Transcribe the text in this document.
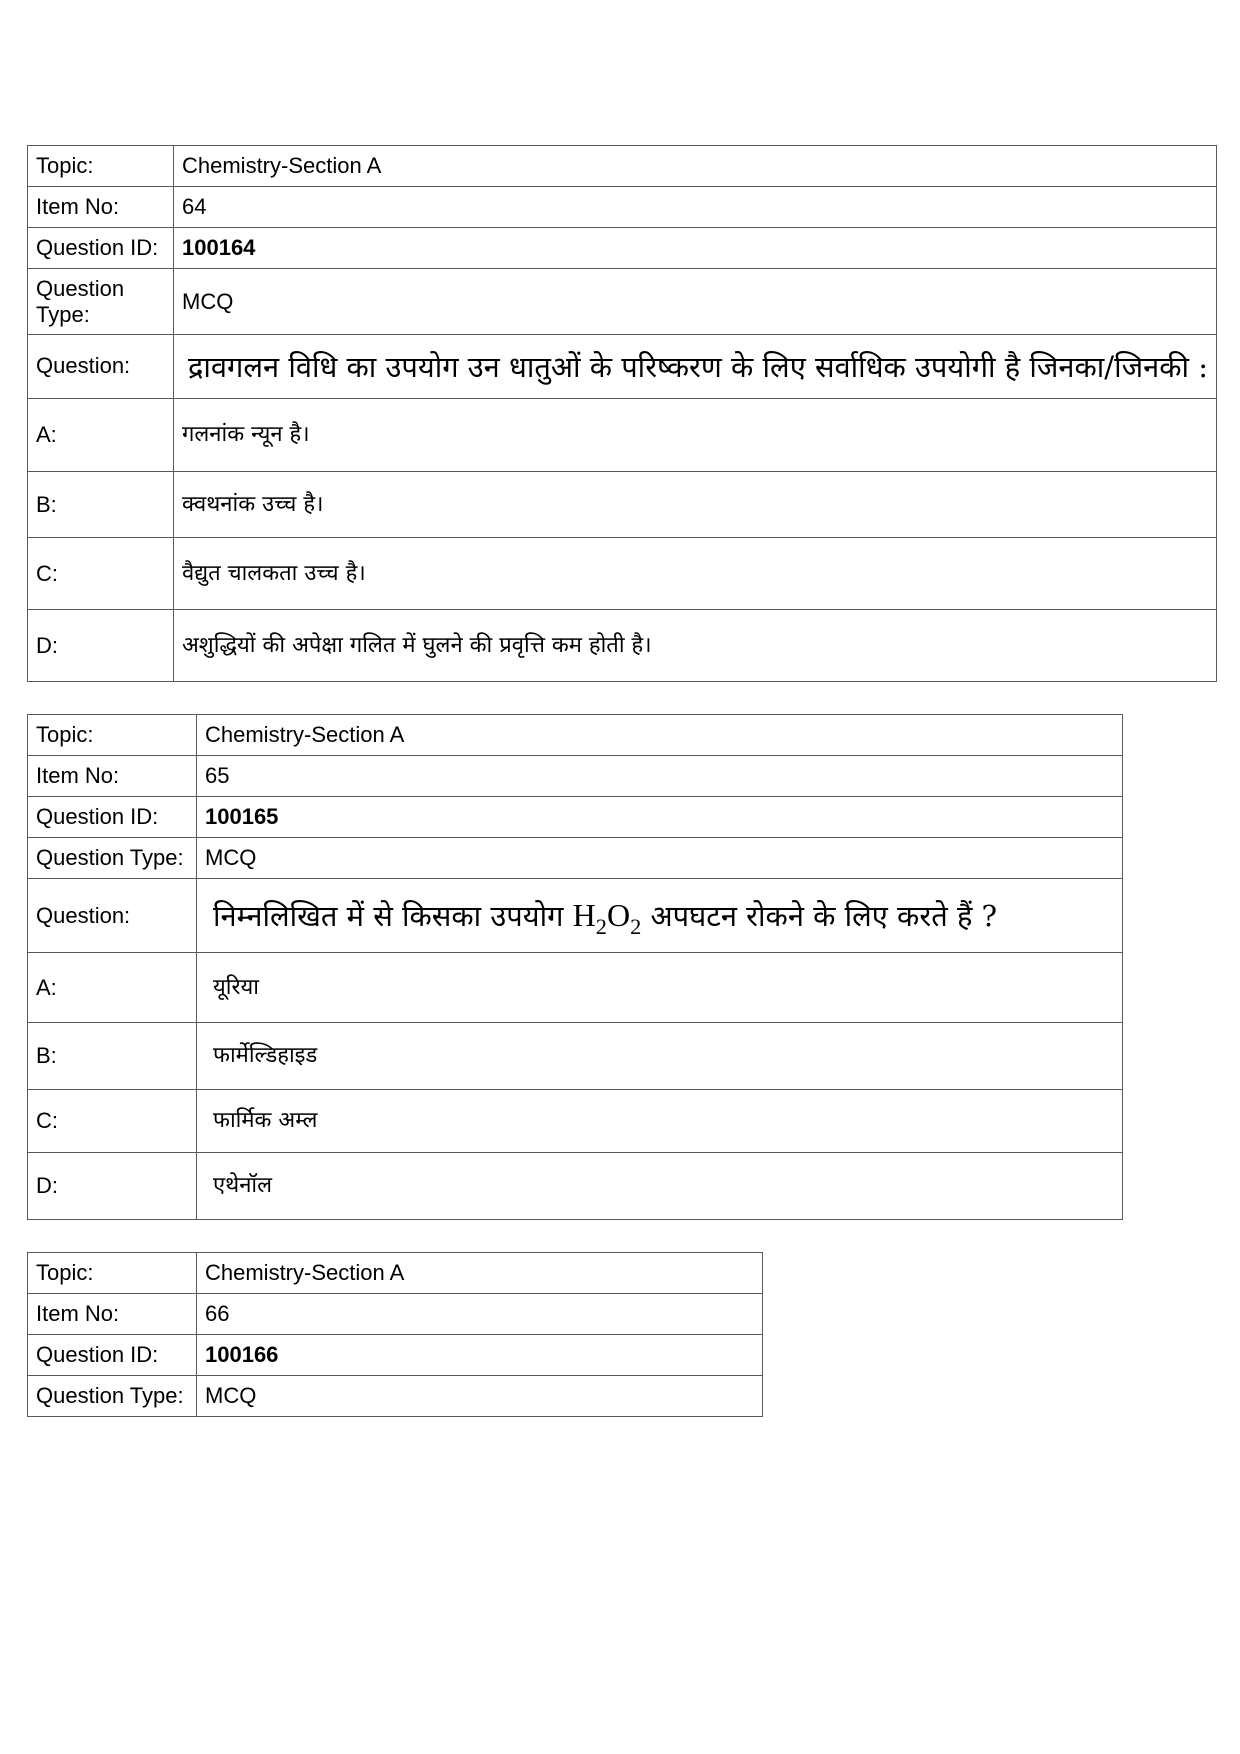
Topic:	Chemistry-Section A
Item No:	64
Question ID:	100164
Question Type:	MCQ
Question:	द्रावगलन विधि का उपयोग उन धातुओं के परिष्करण के लिए सर्वाधिक उपयोगी है जिनका/जिनकी :
A:	गलनांक न्यून है।
B:	क्वथनांक उच्च है।
C:	वैद्युत चालकता उच्च है।
D:	अशुद्धियों की अपेक्षा गलित में घुलने की प्रवृत्ति कम होती है।
Topic:	Chemistry-Section A
Item No:	65
Question ID:	100165
Question Type:	MCQ
Question:	निम्नलिखित में से किसका उपयोग $H_2O_2$ अपघटन रोकने के लिए करते हैं ?
A:	यूरिया
B:	फार्मेल्डिहाइड
C:	फार्मिक अम्ल
D:	एथेनॉल
Topic:	Chemistry-Section A
Item No:	66
Question ID:	100166
Question Type:	MCQ
